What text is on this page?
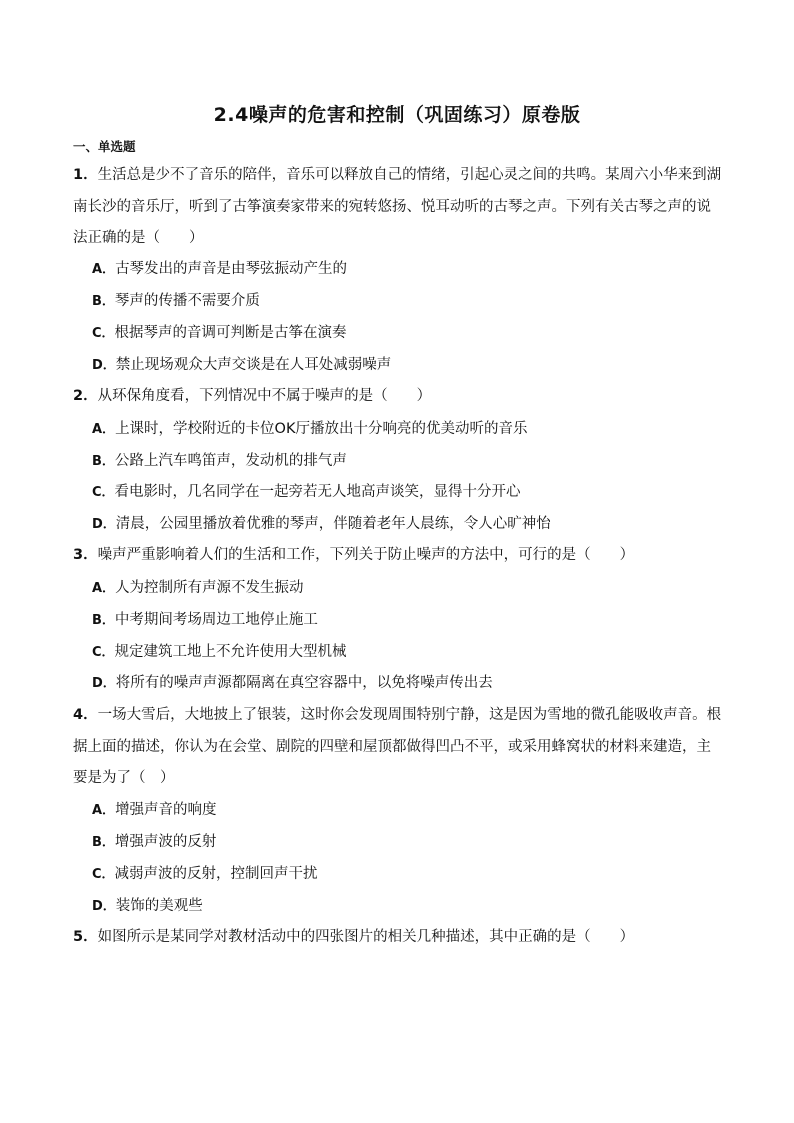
2.4噪声的危害和控制（巩固练习）原卷版
一、单选题
1．生活总是少不了音乐的陪伴，音乐可以释放自己的情绪，引起心灵之间的共鸣。某周六小华来到湖南长沙的音乐厅，听到了古筝演奏家带来的宛转悠扬、悦耳动听的古琴之声。下列有关古琴之声的说法正确的是（　　）
A．古琴发出的声音是由琴弦振动产生的
B．琴声的传播不需要介质
C．根据琴声的音调可判断是古筝在演奏
D．禁止现场观众大声交谈是在人耳处减弱噪声
2．从环保角度看，下列情况中不属于噪声的是（　　）
A．上课时，学校附近的卡位OK厅播放出十分响亮的优美动听的音乐
B．公路上汽车鸣笛声，发动机的排气声
C．看电影时，几名同学在一起旁若无人地高声谈笑，显得十分开心
D．清晨，公园里播放着优雅的琴声，伴随着老年人晨练，令人心旷神怡
3．噪声严重影响着人们的生活和工作，下列关于防止噪声的方法中，可行的是（　　）
A．人为控制所有声源不发生振动
B．中考期间考场周边工地停止施工
C．规定建筑工地上不允许使用大型机械
D．将所有的噪声声源都隔离在真空容器中，以免将噪声传出去
4．一场大雪后，大地披上了银装，这时你会发现周围特别宁静，这是因为雪地的微孔能吸收声音。根据上面的描述，你认为在会堂、剧院的四壁和屋顶都做得凹凸不平，或采用蜂窝状的材料来建造，主要是为了（　）
A．增强声音的响度
B．增强声波的反射
C．减弱声波的反射，控制回声干扰
D．装饰的美观些
5．如图所示是某同学对教材活动中的四张图片的相关几种描述，其中正确的是（　　）
